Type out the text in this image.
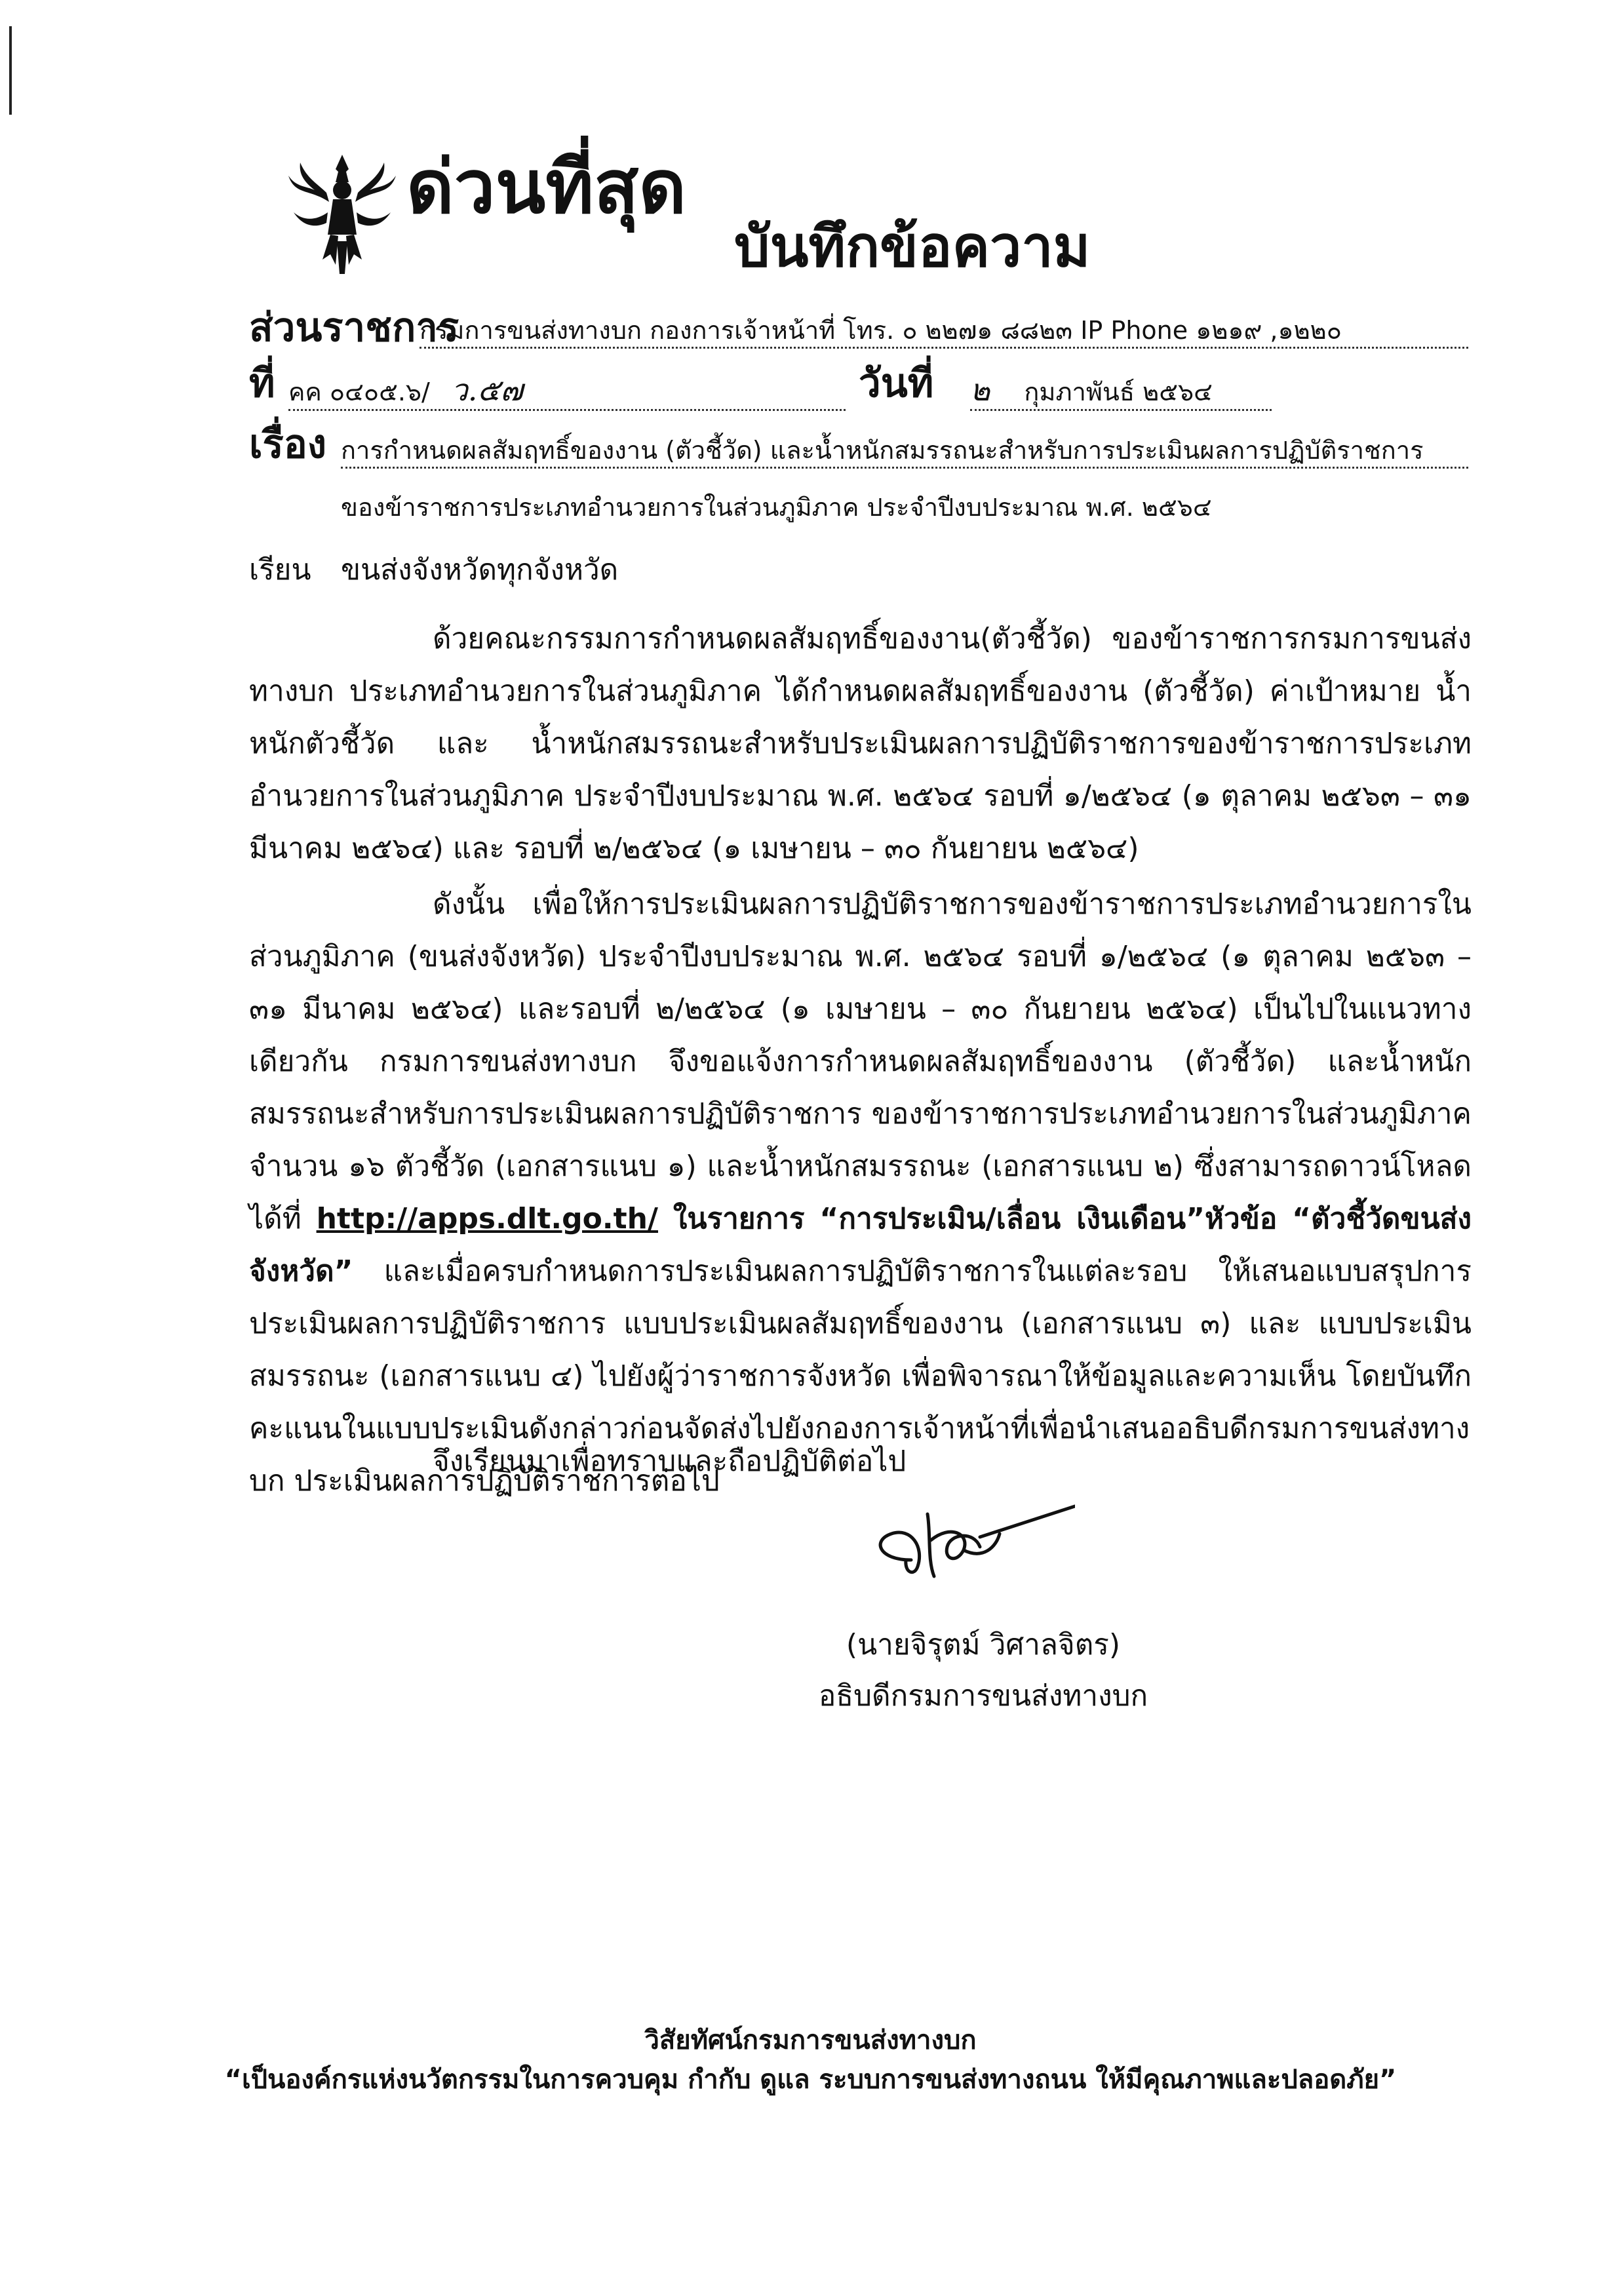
ด่วนที่สุด
บันทึกข้อความ
ส่วนราชการ
กรมการขนส่งทางบก กองการเจ้าหน้าที่ โทร. ๐ ๒๒๗๑ ๘๘๒๓ IP Phone ๑๒๑๙ ,๑๒๒๐
ที่ คค ๐๔๐๕.๖/ ว.๕๗	วันที่ ๒ กุมภาพันธ์ ๒๕๖๔
เรื่อง การกำหนดผลสัมฤทธิ์ของงาน (ตัวชี้วัด) และน้ำหนักสมรรถนะสำหรับการประเมินผลการปฏิบัติราชการ
ของข้าราชการประเภทอำนวยการในส่วนภูมิภาค ประจำปีงบประมาณ พ.ศ. ๒๕๖๔
เรียน ขนส่งจังหวัดทุกจังหวัด
ด้วยคณะกรรมการกำหนดผลสัมฤทธิ์ของงาน(ตัวชี้วัด) ของข้าราชการกรมการขนส่งทางบก ประเภทอำนวยการในส่วนภูมิภาค ได้กำหนดผลสัมฤทธิ์ของงาน (ตัวชี้วัด) ค่าเป้าหมาย น้ำหนักตัวชี้วัด และ น้ำหนักสมรรถนะสำหรับประเมินผลการปฏิบัติราชการของข้าราชการประเภทอำนวยการในส่วนภูมิภาค ประจำปีงบประมาณ พ.ศ. ๒๕๖๔ รอบที่ ๑/๒๕๖๔ (๑ ตุลาคม ๒๕๖๓ – ๓๑ มีนาคม ๒๕๖๔) และ รอบที่ ๒/๒๕๖๔ (๑ เมษายน – ๓๐ กันยายน ๒๕๖๔)
ดังนั้น เพื่อให้การประเมินผลการปฏิบัติราชการของข้าราชการประเภทอำนวยการในส่วนภูมิภาค (ขนส่งจังหวัด) ประจำปีงบประมาณ พ.ศ. ๒๕๖๔ รอบที่ ๑/๒๕๖๔ (๑ ตุลาคม ๒๕๖๓ – ๓๑ มีนาคม ๒๕๖๔) และรอบที่ ๒/๒๕๖๔ (๑ เมษายน – ๓๐ กันยายน ๒๕๖๔) เป็นไปในแนวทางเดียวกัน กรมการขนส่งทางบก จึงขอแจ้งการกำหนดผลสัมฤทธิ์ของงาน (ตัวชี้วัด) และน้ำหนักสมรรถนะสำหรับการประเมินผลการปฏิบัติราชการ ของข้าราชการประเภทอำนวยการในส่วนภูมิภาค จำนวน ๑๖ ตัวชี้วัด (เอกสารแนบ ๑) และน้ำหนักสมรรถนะ (เอกสารแนบ ๒) ซึ่งสามารถดาวน์โหลด ได้ที่ http://apps.dlt.go.th/ ในรายการ “การประเมิน/เลื่อน เงินเดือน”หัวข้อ “ตัวชี้วัดขนส่งจังหวัด” และเมื่อครบกำหนดการประเมินผลการปฏิบัติราชการในแต่ละรอบ ให้เสนอแบบสรุปการประเมินผลการปฏิบัติราชการ แบบประเมินผลสัมฤทธิ์ของงาน (เอกสารแนบ ๓) และ แบบประเมินสมรรถนะ (เอกสารแนบ ๔) ไปยังผู้ว่าราชการจังหวัด เพื่อพิจารณาให้ข้อมูลและความเห็น โดยบันทึกคะแนนในแบบประเมินดังกล่าวก่อนจัดส่งไปยังกองการเจ้าหน้าที่เพื่อนำเสนออธิบดีกรมการขนส่งทางบก ประเมินผลการปฏิบัติราชการต่อไป
จึงเรียนมาเพื่อทราบและถือปฏิบัติต่อไป
(นายจิรุตม์ วิศาลจิตร)
อธิบดีกรมการขนส่งทางบก
วิสัยทัศน์กรมการขนส่งทางบก
“เป็นองค์กรแห่งนวัตกรรมในการควบคุม กำกับ ดูแล ระบบการขนส่งทางถนน ให้มีคุณภาพและปลอดภัย”
